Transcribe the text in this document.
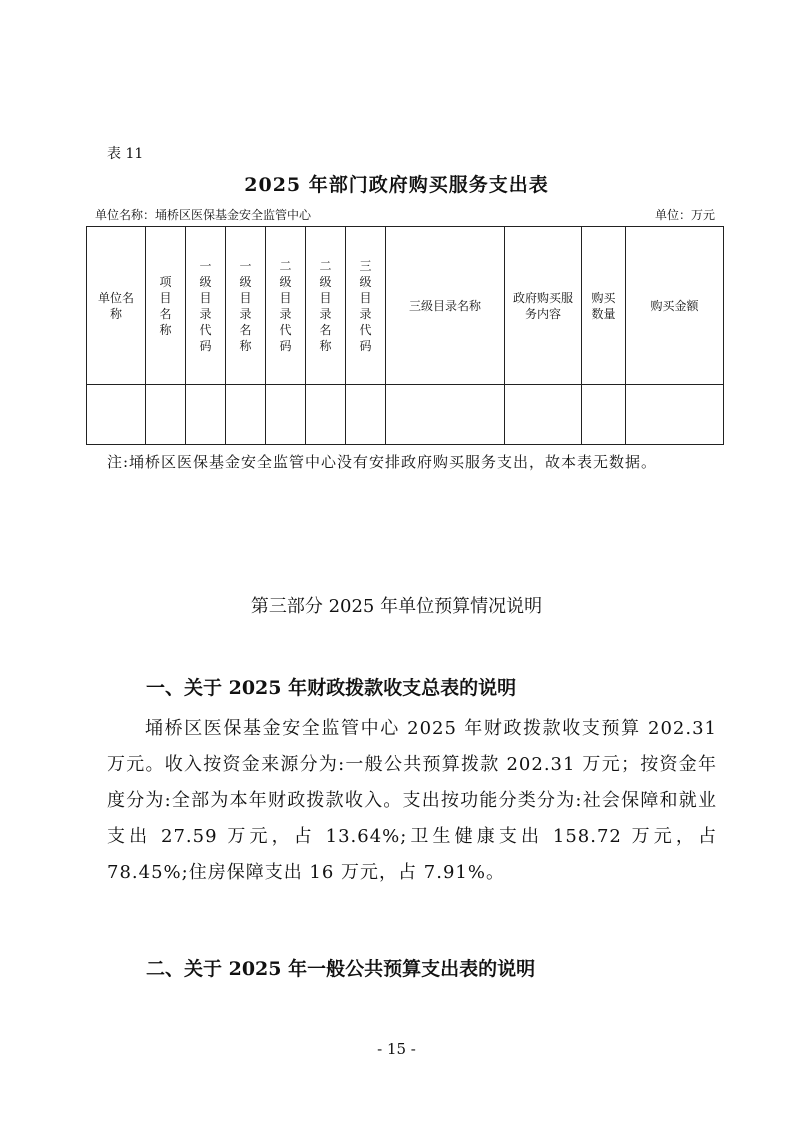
表 11
2025 年部门政府购买服务支出表
单位名称：埇桥区医保基金安全监管中心	单位：万元
单位名称	项目名称	一级目录代码	一级目录名称	二级目录代码	二级目录名称	三级目录代码	三级目录名称	政府购买服务内容	购买数量	购买金额

注:埇桥区医保基金安全监管中心没有安排政府购买服务支出，故本表无数据。
第三部分 2025 年单位预算情况说明
一、关于 2025 年财政拨款收支总表的说明
埇桥区医保基金安全监管中心 2025 年财政拨款收支预算 202.31 万元。收入按资金来源分为:一般公共预算拨款 202.31 万元；按资金年度分为:全部为本年财政拨款收入。支出按功能分类分为:社会保障和就业支出 27.59 万元，占 13.64%;卫生健康支出 158.72 万元，占 78.45%;住房保障支出 16 万元，占 7.91%。
二、关于 2025 年一般公共预算支出表的说明
- 15 -
